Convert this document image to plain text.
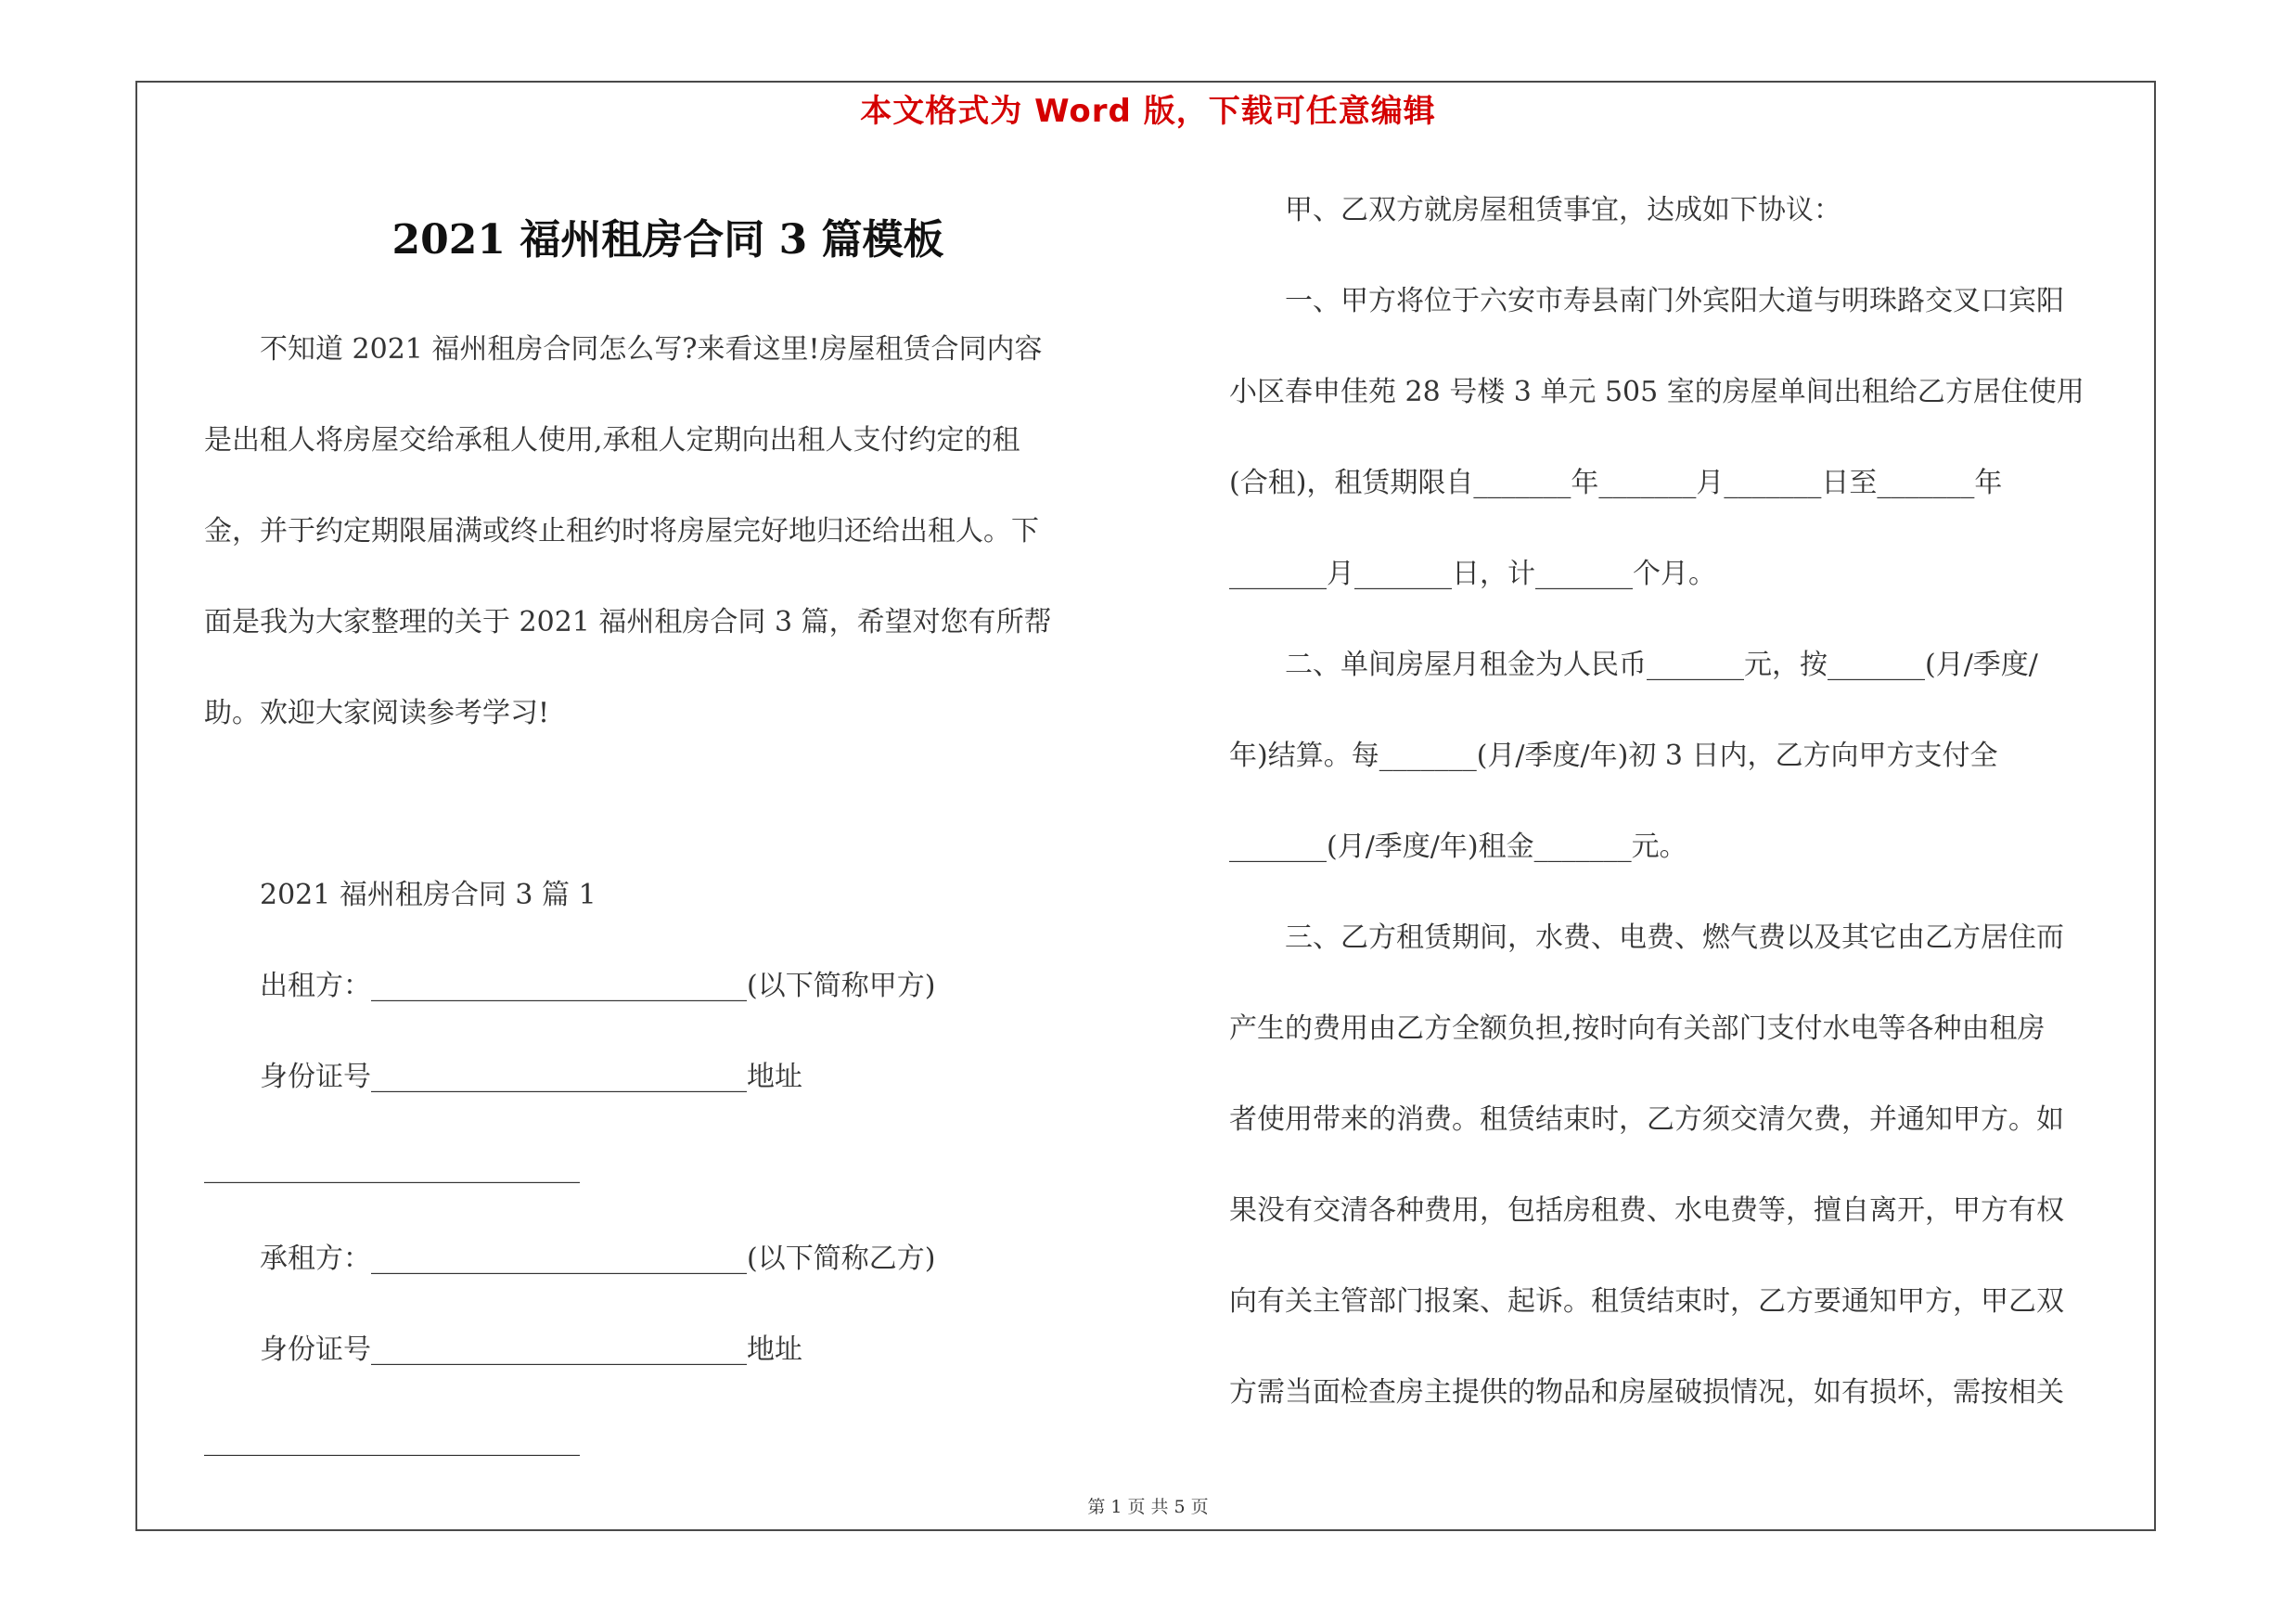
本文格式为 Word 版，下载可任意编辑
2021 福州租房合同 3 篇模板
　　不知道 2021 福州租房合同怎么写?来看这里!房屋租赁合同内容
是出租人将房屋交给承租人使用,承租人定期向出租人支付约定的租
金，并于约定期限届满或终止租约时将房屋完好地归还给出租人。下
面是我为大家整理的关于 2021 福州租房合同 3 篇，希望对您有所帮
助。欢迎大家阅读参考学习!
　　2021 福州租房合同 3 篇 1
　　出租方：___________________________(以下简称甲方)
　　身份证号___________________________地址
___________________________
　　承租方：___________________________(以下简称乙方)
　　身份证号___________________________地址
___________________________
　　甲、乙双方就房屋租赁事宜，达成如下协议：
　　一、甲方将位于六安市寿县南门外宾阳大道与明珠路交叉口宾阳
小区春申佳苑 28 号楼 3 单元 505 室的房屋单间出租给乙方居住使用
(合租)，租赁期限自_______年_______月_______日至_______年
_______月_______日，计_______个月。
　　二、单间房屋月租金为人民币_______元，按_______(月/季度/
年)结算。每_______(月/季度/年)初 3 日内，乙方向甲方支付全
_______(月/季度/年)租金_______元。
　　三、乙方租赁期间，水费、电费、燃气费以及其它由乙方居住而
产生的费用由乙方全额负担,按时向有关部门支付水电等各种由租房
者使用带来的消费。租赁结束时，乙方须交清欠费，并通知甲方。如
果没有交清各种费用，包括房租费、水电费等，擅自离开，甲方有权
向有关主管部门报案、起诉。租赁结束时，乙方要通知甲方，甲乙双
方需当面检查房主提供的物品和房屋破损情况，如有损坏，需按相关
第 1 页 共 5 页
